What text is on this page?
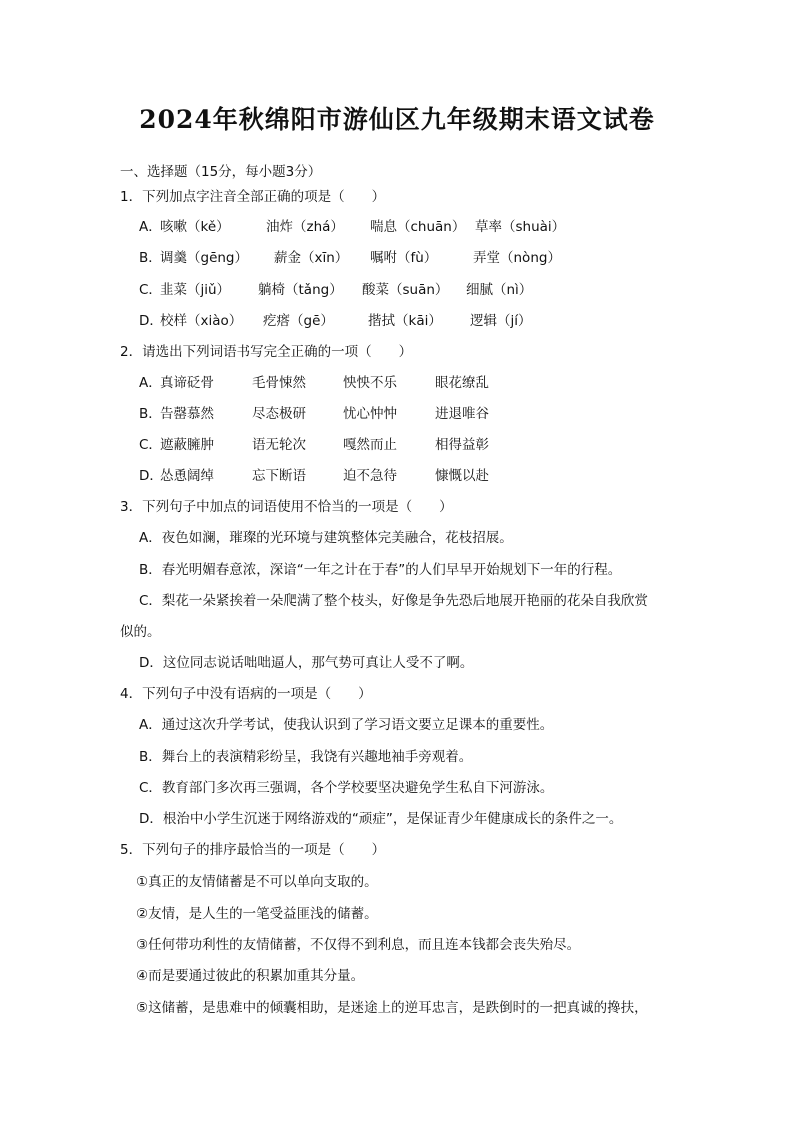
2024年秋绵阳市游仙区九年级期末语文试卷
一、选择题（15分，每小题3分）
1．下列加点字注音全部正确的项是（　　）
A．
咳嗽（kě）	油炸（zhá） 喘息（chuān） 草率（shuài）
B．
调羹（gēng） 薪金（xīn） 嘱咐（fù）	弄堂（nòng）
C．
韭菜（jiǔ） 躺椅（tǎng） 酸菜（suān） 细腻（nì）
D．
校样（xiào） 疙瘩（gē）	揩拭（kāi） 逻辑（jí）
2．请选出下列词语书写完全正确的一项（　　）
A．
真谛砭骨	毛骨悚然	怏怏不乐	眼花缭乱
B．
告罄慕然	尽态极研	忧心忡忡	进退唯谷
C．
遮蔽臃肿	语无轮次	嘎然而止	相得益彰
D．
怂恿阔绰	忘下断语	迫不急待	慷慨以赴
3．下列句子中加点的词语使用不恰当的一项是（　　）
A．夜色如澜，璀璨的光环境与建筑整体完美融合，花枝招展。
B．春光明媚春意浓，深谙“一年之计在于春”的人们早早开始规划下一年的行程。
C．梨花一朵紧挨着一朵爬满了整个枝头，好像是争先恐后地展开艳丽的花朵自我欣赏
似的。
D．这位同志说话咄咄逼人，那气势可真让人受不了啊。
4．下列句子中没有语病的一项是（　　）
A．通过这次升学考试，使我认识到了学习语文要立足课本的重要性。
B．舞台上的表演精彩纷呈，我饶有兴趣地袖手旁观着。
C．教育部门多次再三强调，各个学校要坚决避免学生私自下河游泳。
D．根治中小学生沉迷于网络游戏的“顽症”，是保证青少年健康成长的条件之一。
5．下列句子的排序最恰当的一项是（　　）
①真正的友情储蓄是不可以单向支取的。
②友情，是人生的一笔受益匪浅的储蓄。
③任何带功利性的友情储蓄，不仅得不到利息，而且连本钱都会丧失殆尽。
④而是要通过彼此的积累加重其分量。
⑤这储蓄，是患难中的倾囊相助，是迷途上的逆耳忠言，是跌倒时的一把真诚的搀扶，
